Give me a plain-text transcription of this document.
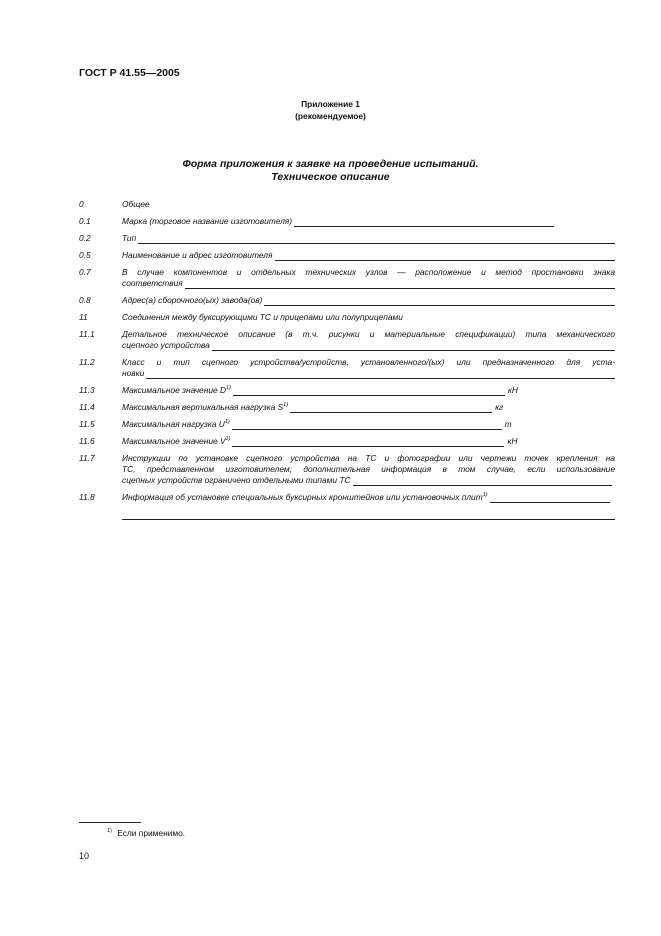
ГОСТ Р 41.55—2005
Приложение 1
(рекомендуемое)
Форма приложения к заявке на проведение испытаний.
Техническое описание
0	Общее
0.1	Марка (торговое название изготовителя)
0.2	Тип
0.5	Наименование и адрес изготовителя
0.7	В случае компонентов и отдельных технических узлов — расположение и метод простановки знака
соответствия
0.8	Адрес(а) сборочного(ых) завода(ов)
11	Соединения между буксирующими ТС и прицепами или полуприцепами
11.1	Детальное техническое описание (в т.ч. рисунки и материальные спецификации) типа механического
сцепного устройства
11.2	Класс и тип сцепного устройства/устройств, установленного/(ых) или предназначенного для уста-
новки
11.3	Максимальное значение $D^{1)}$	кН
11.4	Максимальная вертикальная нагрузка $S^{1)}$	кг
11.5	Максимальная нагрузка $U^{1)}$	т
11.6	Максимальное значение $V^{1)}$	кН
11.7	Инструкции по установке сцепного устройства на ТС и фотографии или чертежи точек крепления на
ТС, представленном изготовителем; дополнительная информация в том случае, если использование
сцепных устройств ограничено отдельными типами ТС
11.8	Информация об установке специальных буксирных кронштейнов или установочных плит$^{1)}$
$^{1)}$ Если применимо.
10
